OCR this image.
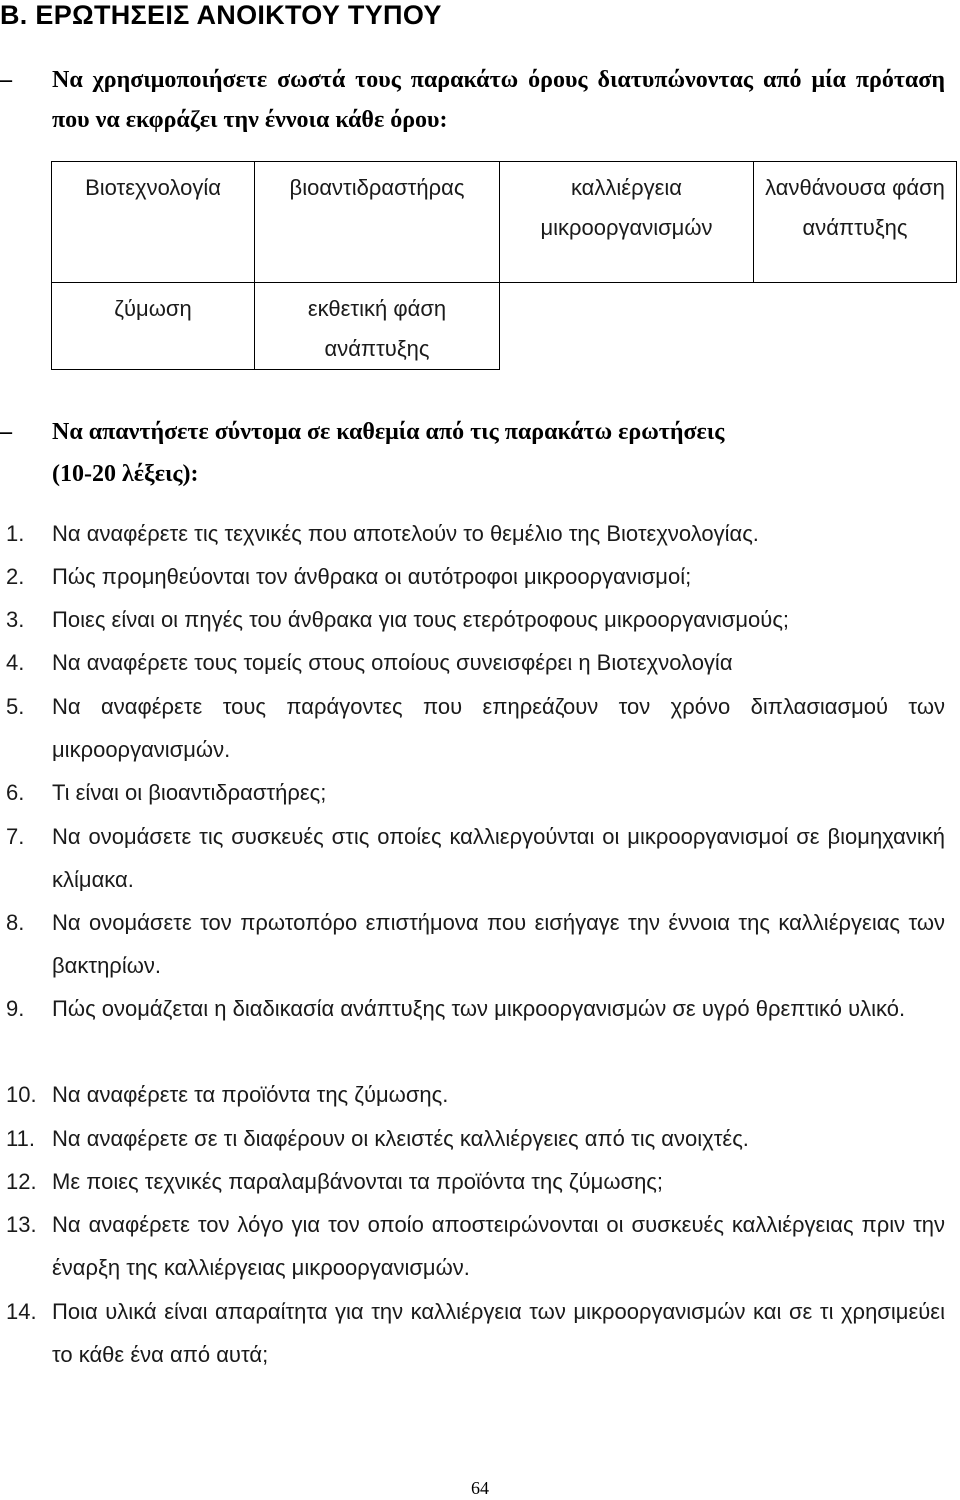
B. ΕΡΩΤΗΣΕΙΣ ΑΝΟΙΚΤΟΥ ΤΥΠΟΥ
–	Να χρησιμοποιήσετε σωστά τους παρακάτω όρους διατυπώνοντας από μία πρόταση που να εκφράζει την έννοια κάθε όρου:
Βιοτεχνολογία	βιοαντιδραστήρας	καλλιέργεια μικροοργανισμών	λανθάνουσα φάση ανάπτυξης
ζύμωση	εκθετική φάση ανάπτυξης		
–	Να απαντήσετε σύντομα σε καθεμία από τις παρακάτω ερωτήσεις
(10-20 λέξεις):
1. Να αναφέρετε τις τεχνικές που αποτελούν το θεμέλιο της Βιοτεχνολογίας.
2. Πώς προμηθεύονται τον άνθρακα οι αυτότροφοι μικροοργανισμοί;
3. Ποιες είναι οι πηγές του άνθρακα για τους ετερότροφους μικροοργανισμούς;
4. Να αναφέρετε τους τομείς στους οποίους συνεισφέρει η Βιοτεχνολογία
5. Να αναφέρετε τους παράγοντες που επηρεάζουν τον χρόνο διπλασιασμού των μικροοργανισμών.
6. Τι είναι οι βιοαντιδραστήρες;
7. Να ονομάσετε τις συσκευές στις οποίες καλλιεργούνται οι μικροοργανισμοί σε βιομηχανική κλίμακα.
8. Να ονομάσετε τον πρωτοπόρο επιστήμονα που εισήγαγε την έννοια της καλλιέργειας των βακτηρίων.
9. Πώς ονομάζεται η διαδικασία ανάπτυξης των μικροοργανισμών σε υγρό θρεπτικό υλικό.
10. Να αναφέρετε τα προϊόντα της ζύμωσης.
11. Να αναφέρετε σε τι διαφέρουν οι κλειστές καλλιέργειες από τις ανοιχτές.
12. Με ποιες τεχνικές παραλαμβάνονται τα προϊόντα της ζύμωσης;
13. Να αναφέρετε τον λόγο για τον οποίο αποστειρώνονται οι συσκευές καλλιέργειας πριν την έναρξη της καλλιέργειας μικροοργανισμών.
14. Ποια υλικά είναι απαραίτητα για την καλλιέργεια των μικροοργανισμών και σε τι χρησιμεύει το κάθε ένα από αυτά;
64
